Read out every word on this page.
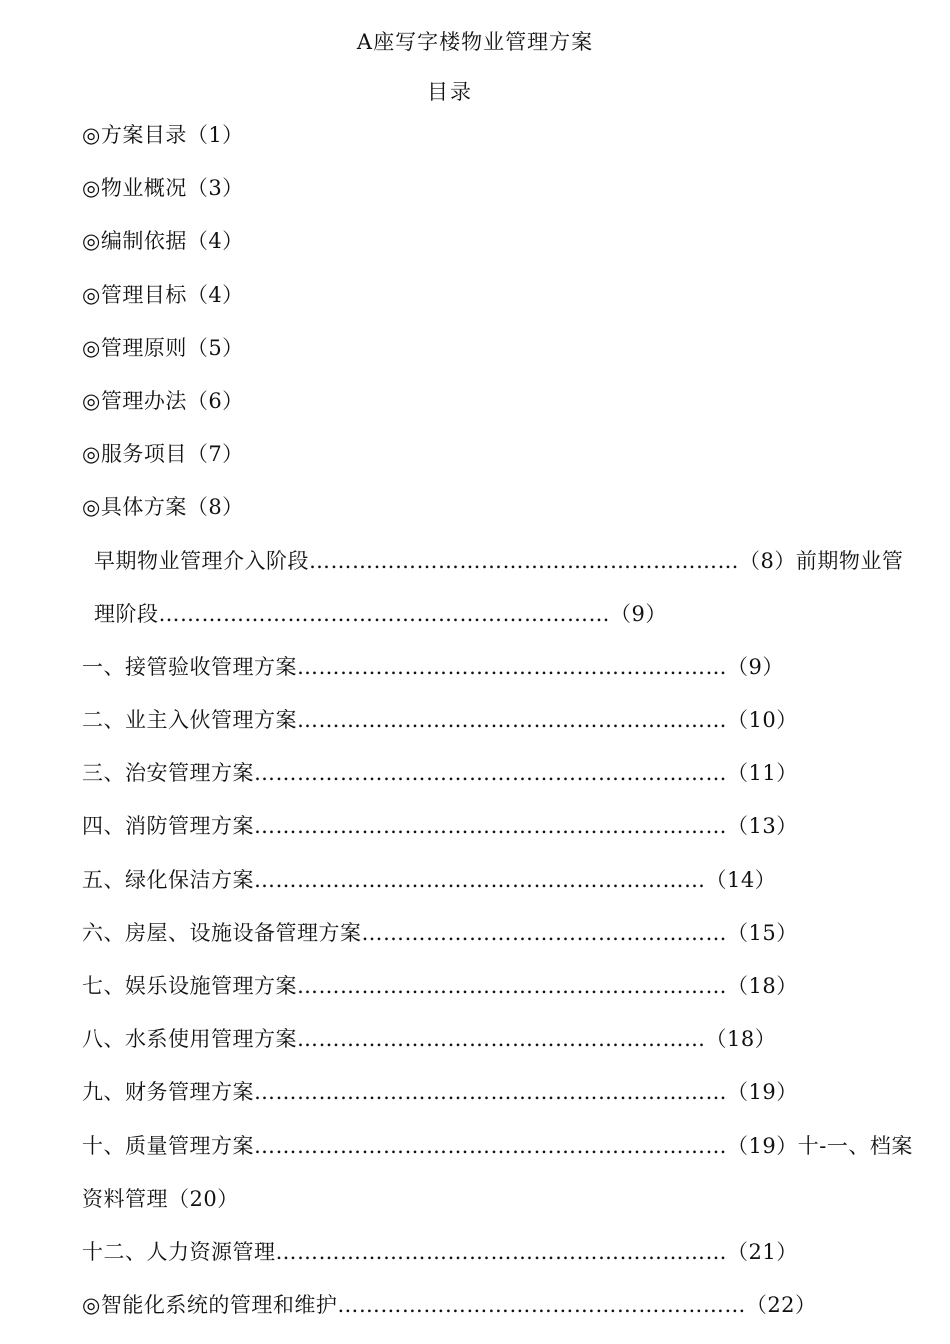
A座写字楼物业管理方案
目录
◎方案目录（1）
◎物业概况（3）
◎编制依据（4）
◎管理目标（4）
◎管理原则（5）
◎管理办法（6）
◎服务项目（7）
◎具体方案（8）
早期物业管理介入阶段……………………………………………………（8）前期物业管
理阶段………………………………………………………（9）
一、接管验收管理方案……………………………………………………（9）
二、业主入伙管理方案……………………………………………………（10）
三、治安管理方案…………………………………………………………（11）
四、消防管理方案…………………………………………………………（13）
五、绿化保洁方案………………………………………………………（14）
六、房屋、设施设备管理方案……………………………………………（15）
七、娱乐设施管理方案……………………………………………………（18）
八、水系使用管理方案…………………………………………………（18）
九、财务管理方案…………………………………………………………（19）
十、质量管理方案…………………………………………………………（19）十-一、档案
资料管理（20）
十二、人力资源管理………………………………………………………（21）
◎智能化系统的管理和维护…………………………………………………（22）
